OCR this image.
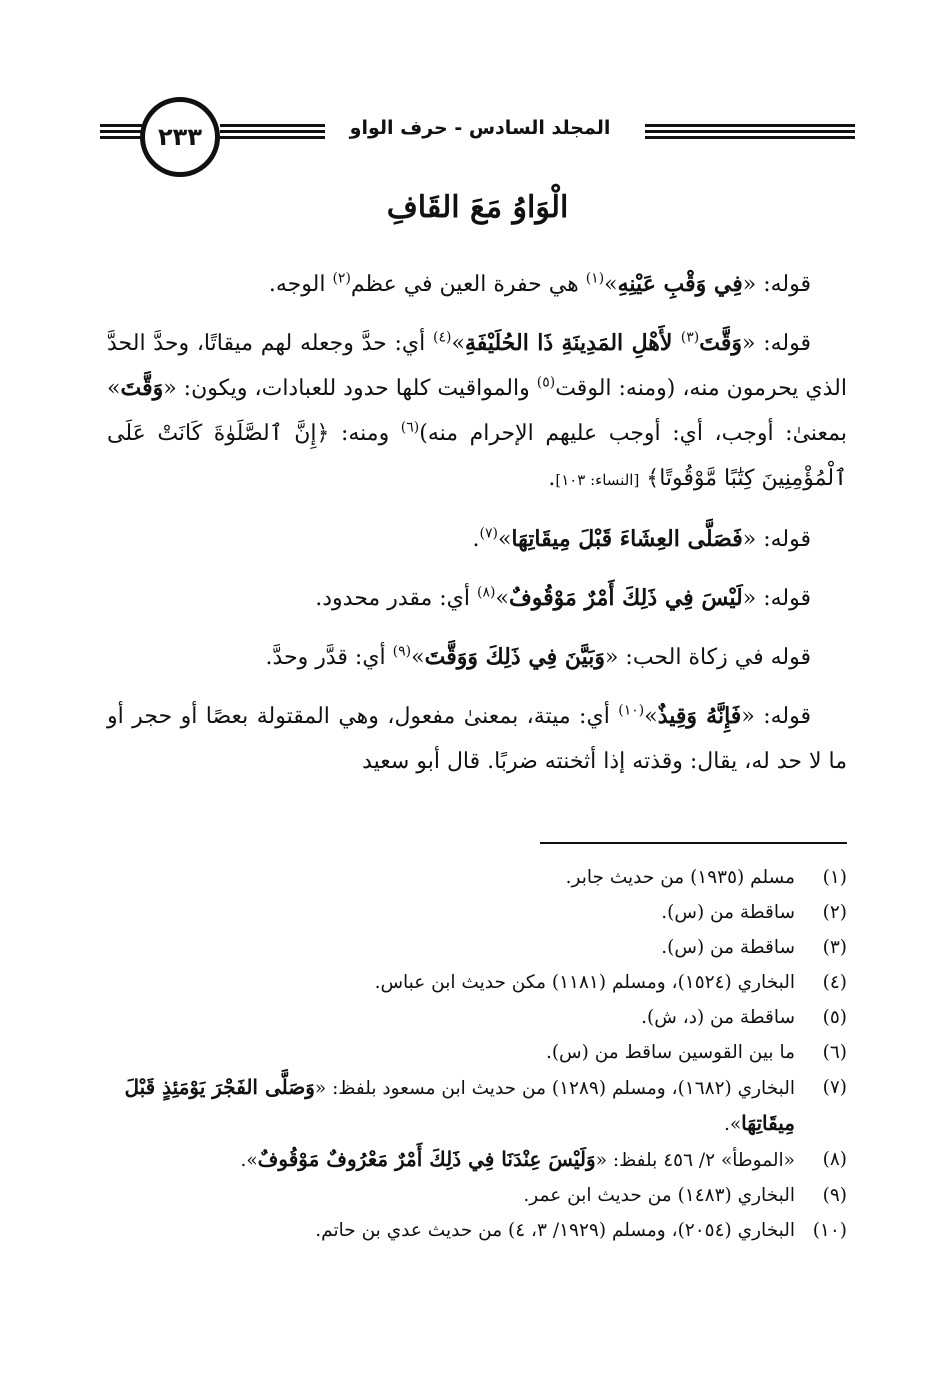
المجلد السادس - حرف الواو
٢٣٣
الْوَاوُ مَعَ القَافِ

قوله: «فِي وَقْبِ عَيْنِهِ»$^{(١)}$ هي حفرة العين في عظم$^{(٢)}$ الوجه.

قوله: «وَقَّتَ$^{(٣)}$ لأَهْلِ المَدِينَةِ ذَا الحُلَيْفَةِ»$^{(٤)}$ أي: حدَّ وجعله لهم ميقاتًا، وحدَّ الحدَّ الذي يحرمون منه، (ومنه: الوقت$^{(٥)}$ والمواقيت كلها حدود للعبادات، ويكون: «وَقَّتَ» بمعنىٰ: أوجب، أي: أوجب عليهم الإحرام منه)$^{(٦)}$ ومنه: ﴿إِنَّ ٱلصَّلَوٰةَ كَانَتْ عَلَى ٱلْمُؤْمِنِينَ كِتَٰبًا مَّوْقُوتًا﴾ [النساء: ١٠٣].

قوله: «فَصَلَّى العِشَاءَ قَبْلَ مِيقَاتِهَا»$^{(٧)}$.

قوله: «لَيْسَ فِي ذَلِكَ أَمْرٌ مَوْقُوفٌ»$^{(٨)}$ أي: مقدر محدود.

قوله في زكاة الحب: «وَبَيَّنَ فِي ذَلِكَ وَوَقَّتَ»$^{(٩)}$ أي: قدَّر وحدَّ.

قوله: «فَإِنَّهُ وَقِيذٌ»$^{(١٠)}$ أي: ميتة، بمعنىٰ مفعول، وهي المقتولة بعصًا أو حجر أو ما لا حد له، يقال: وقذته إذا أثخنته ضربًا. قال أبو سعيد

(١)
مسلم (١٩٣٥) من حديث جابر.
(٢)
ساقطة من (س).
(٣)
ساقطة من (س).
(٤)
البخاري (١٥٢٤)، ومسلم (١١٨١) مكن حديث ابن عباس.
(٥)
ساقطة من (د، ش).
(٦)
ما بين القوسين ساقط من (س).
(٧)
البخاري (١٦٨٢)، ومسلم (١٢٨٩) من حديث ابن مسعود بلفظ: «وَصَلَّى الفَجْرَ يَوْمَئِذٍ قَبْلَ مِيقَاتِهَا».
(٨)
«الموطأ» ٢/ ٤٥٦ بلفظ: «وَلَيْسَ عِنْدَنَا فِي ذَلِكَ أَمْرٌ مَعْرُوفٌ مَوْقُوفٌ».
(٩)
البخاري (١٤٨٣) من حديث ابن عمر.
(١٠)
البخاري (٢٠٥٤)، ومسلم (١٩٢٩/ ٣، ٤) من حديث عدي بن حاتم.
